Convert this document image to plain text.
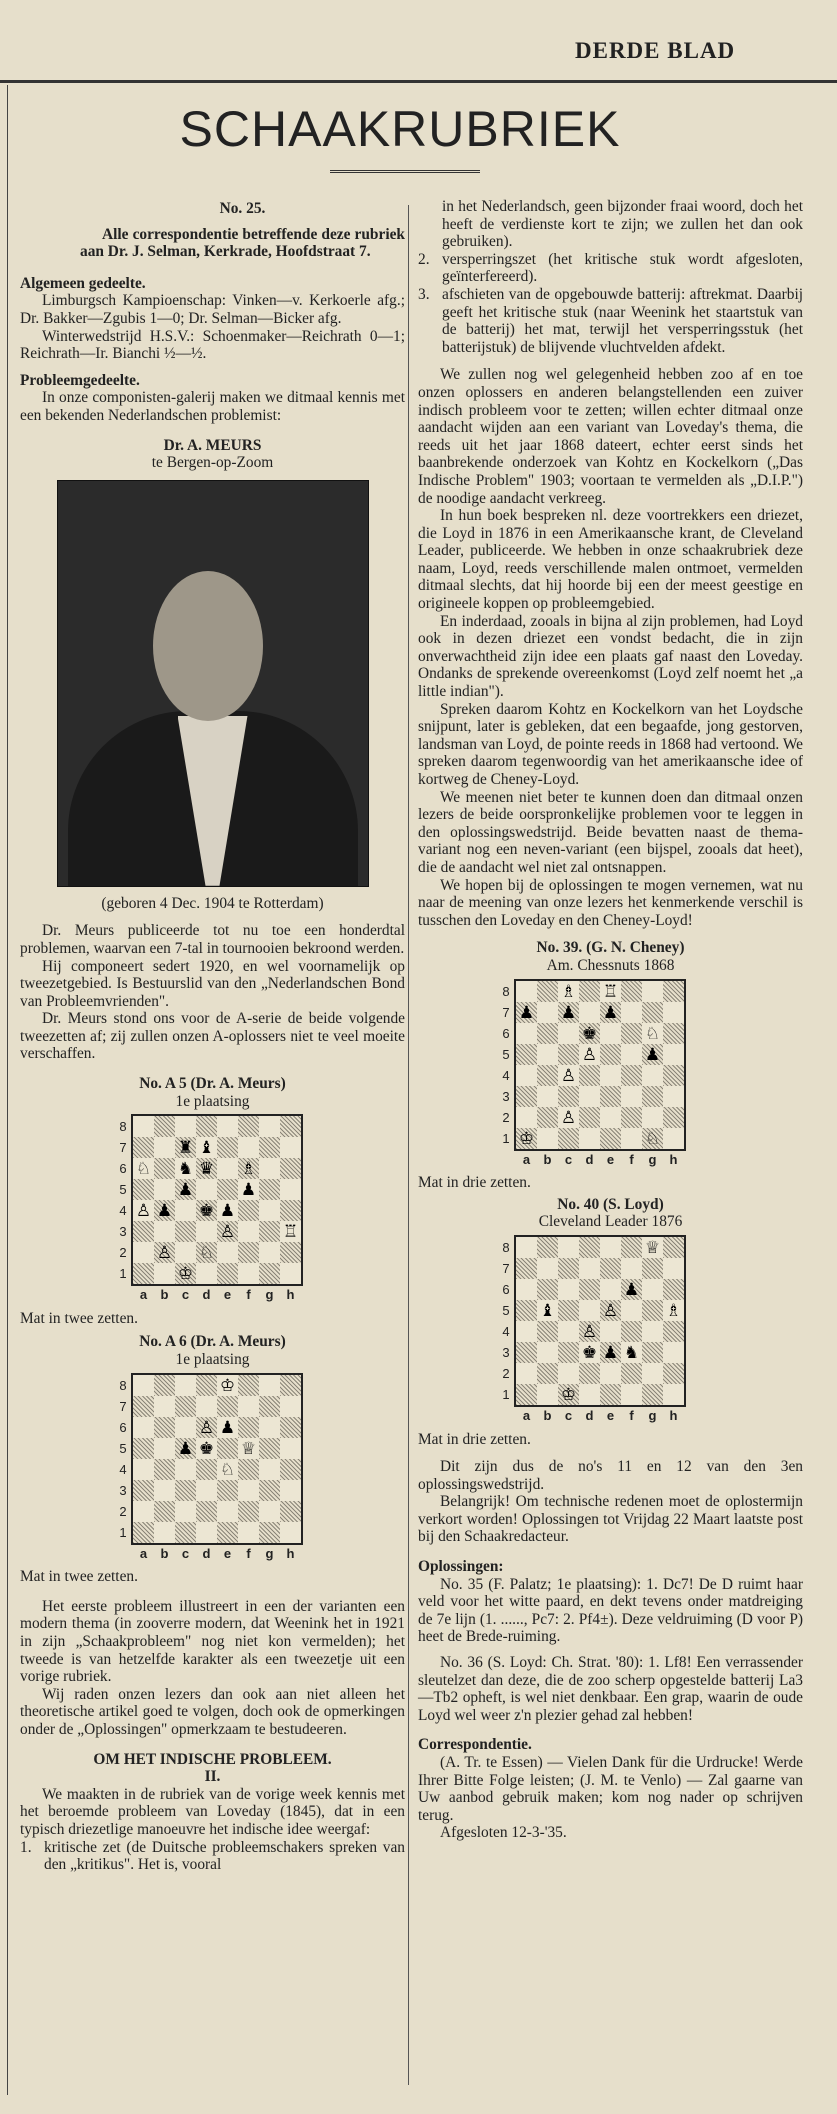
DERDE BLAD
SCHAAKRUBRIEK

No. 25.

Alle correspondentie betreffende deze rubriek aan Dr. J. Selman, Kerkrade, Hoofdstraat 7.

Algemeen gedeelte.

Limburgsch Kampioenschap: Vinken—v. Kerkoerle afg.; Dr. Bakker—Zgubis 1—0; Dr. Selman—Bicker afg.

Winterwedstrijd H.S.V.: Schoenmaker—Reichrath 0—1; Reichrath—Ir. Bianchi ½—½.

Probleemgedeelte.

In onze componisten-galerij maken we ditmaal kennis met een bekenden Nederlandschen problemist:

Dr. A. MEURS

te Bergen-op-Zoom

(geboren 4 Dec. 1904 te Rotterdam)

Dr. Meurs publiceerde tot nu toe een honderdtal problemen, waarvan een 7-tal in tournooien bekroond werden.

Hij componeert sedert 1920, en wel voornamelijk op tweezetgebied. Is Bestuurslid van den „Nederlandschen Bond van Probleemvrienden".

Dr. Meurs stond ons voor de A-serie de beide volgende tweezetten af; zij zullen onzen A-oplossers niet te veel moeite verschaffen.

No. A 5 (Dr. A. Meurs)

1e plaatsing

8
7
6
5
4
3
2
1
♜ ♝
♘ ♞ ♛ ♗
♟	♟
♙ ♟ ♚ ♟
♙	♖
♙ ♘
♔
a	b	c	d	e	f	g	h

Mat in twee zetten.

No. A 6 (Dr. A. Meurs)

1e plaatsing

8
7
6
5
4
3
2
1
♔
♙ ♟
♟ ♚ ♕
♘
a	b	c	d	e	f	g	h

Mat in twee zetten.

Het eerste probleem illustreert in een der varianten een modern thema (in zooverre modern, dat Weenink het in 1921 in zijn „Schaakprobleem" nog niet kon vermelden); het tweede is van hetzelfde karakter als een tweezetje uit een vorige rubriek.

Wij raden onzen lezers dan ook aan niet alleen het theoretische artikel goed te volgen, doch ook de opmerkingen onder de „Oplossingen" opmerkzaam te bestudeeren.

OM HET INDISCHE PROBLEEM.

II.

We maakten in de rubriek van de vorige week kennis met het beroemde probleem van Loveday (1845), dat in een typisch driezetlige manoeuvre het indische idee weergaf:

1. kritische zet (de Duitsche probleemschakers spreken van den „kritikus". Het is, vooral
in het Nederlandsch, geen bijzonder fraai woord, doch het heeft de verdienste kort te zijn; we zullen het dan ook gebruiken).
2. versperringszet (het kritische stuk wordt afgesloten, geïnterfereerd).
3. afschieten van de opgebouwde batterij: aftrekmat. Daarbij geeft het kritische stuk (naar Weenink het staartstuk van de batterij) het mat, terwijl het versperringsstuk (het batterijstuk) de blijvende vluchtvelden afdekt.

We zullen nog wel gelegenheid hebben zoo af en toe onzen oplossers en anderen belangstellenden een zuiver indisch probleem voor te zetten; willen echter ditmaal onze aandacht wijden aan een variant van Loveday's thema, die reeds uit het jaar 1868 dateert, echter eerst sinds het baanbrekende onderzoek van Kohtz en Kockelkorn („Das Indische Problem" 1903; voortaan te vermelden als „D.I.P.") de noodige aandacht verkreeg.

In hun boek bespreken nl. deze voortrekkers een driezet, die Loyd in 1876 in een Amerikaansche krant, de Cleveland Leader, publiceerde. We hebben in onze schaakrubriek deze naam, Loyd, reeds verschillende malen ontmoet, vermelden ditmaal slechts, dat hij hoorde bij een der meest geestige en origineele koppen op probleemgebied.

En inderdaad, zooals in bijna al zijn problemen, had Loyd ook in dezen driezet een vondst bedacht, die in zijn onverwachtheid zijn idee een plaats gaf naast den Loveday. Ondanks de sprekende overeenkomst (Loyd zelf noemt het „a little indian").

Spreken daarom Kohtz en Kockelkorn van het Loydsche snijpunt, later is gebleken, dat een begaafde, jong gestorven, landsman van Loyd, de pointe reeds in 1868 had vertoond. We spreken daarom tegenwoordig van het amerikaansche idee of kortweg de Cheney-Loyd.

We meenen niet beter te kunnen doen dan ditmaal onzen lezers de beide oorspronkelijke problemen voor te leggen in den oplossingswedstrijd. Beide bevatten naast de thema-variant nog een neven-variant (een bijspel, zooals dat heet), die de aandacht wel niet zal ontsnappen.

We hopen bij de oplossingen te mogen vernemen, wat nu naar de meening van onze lezers het kenmerkende verschil is tusschen den Loveday en den Cheney-Loyd!

No. 39. (G. N. Cheney)

Am. Chessnuts 1868

8
7
6
5
4
3
2
1
♗ ♖
♟ ♟ ♟
♚	♘
♙	♟
♙
♙
♔	♘
a	b	c	d	e	f	g	h

Mat in drie zetten.

No. 40 (S. Loyd)

Cleveland Leader 1876

8
7
6
5
4
3
2
1
♕
♟
♝	♙	♗
♙
♚ ♟ ♞
♔
a	b	c	d	e	f	g	h

Mat in drie zetten.

Dit zijn dus de no's 11 en 12 van den 3en oplossingswedstrijd.

Belangrijk! Om technische redenen moet de oplostermijn verkort worden! Oplossingen tot Vrijdag 22 Maart laatste post bij den Schaakredacteur.

Oplossingen:

No. 35 (F. Palatz; 1e plaatsing): 1. Dc7! De D ruimt haar veld voor het witte paard, en dekt tevens onder matdreiging de 7e lijn (1. ......, Pc7: 2. Pf4±). Deze veldruiming (D voor P) heet de Brede-ruiming.

No. 36 (S. Loyd: Ch. Strat. '80): 1. Lf8! Een verrassender sleutelzet dan deze, die de zoo scherp opgestelde batterij La3—Tb2 opheft, is wel niet denkbaar. Een grap, waarin de oude Loyd wel weer z'n plezier gehad zal hebben!

Correspondentie.

(A. Tr. te Essen) — Vielen Dank für die Urdrucke! Werde Ihrer Bitte Folge leisten; (J. M. te Venlo) — Zal gaarne van Uw aanbod gebruik maken; kom nog nader op schrijven terug.

Afgesloten 12-3-'35.
